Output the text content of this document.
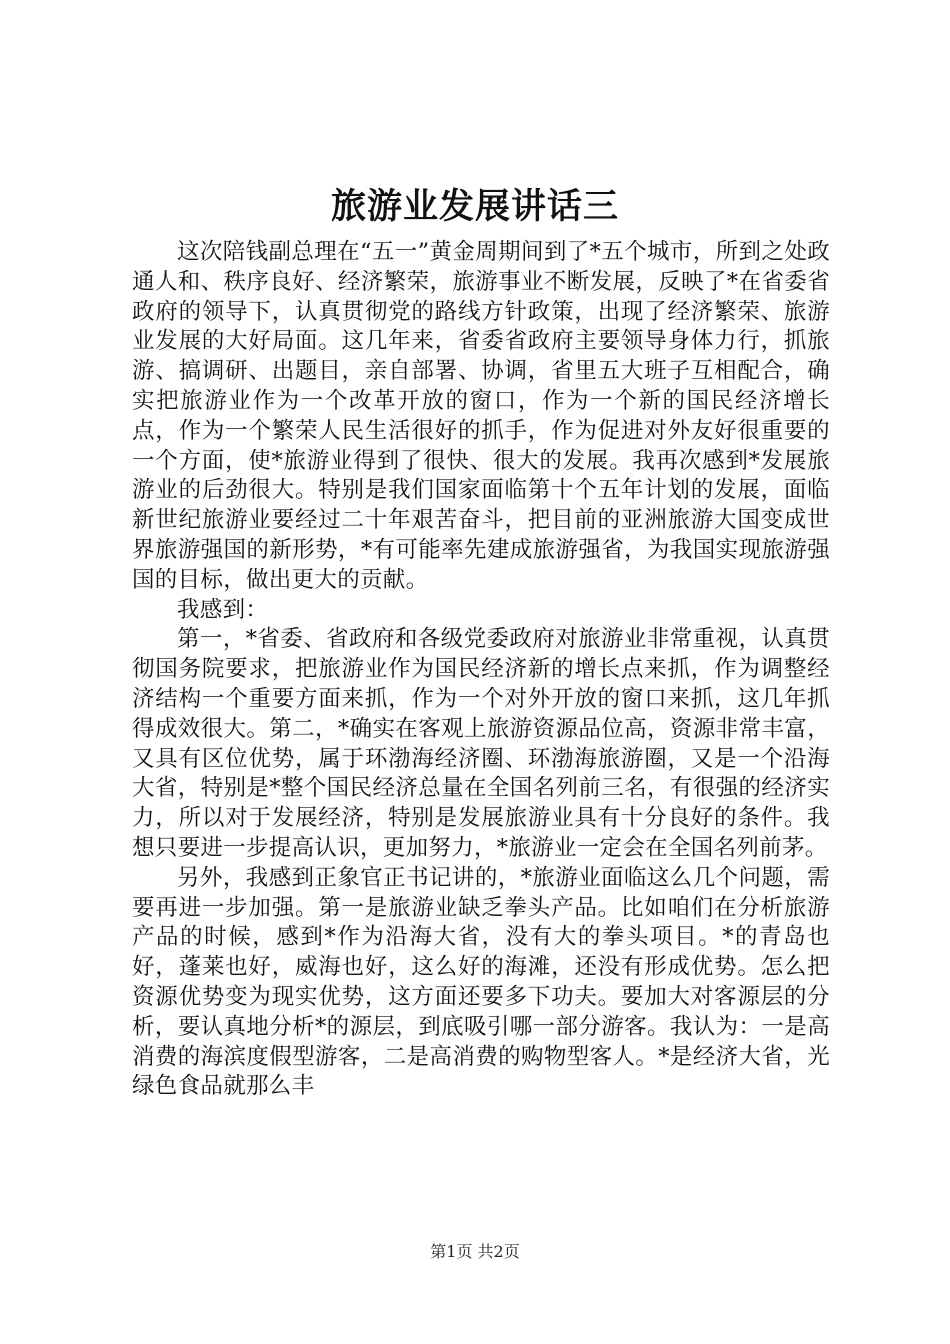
旅游业发展讲话三

这次陪钱副总理在“五一”黄金周期间到了*五个城市，所到之处政通人和、秩序良好、经济繁荣，旅游事业不断发展，反映了*在省委省政府的领导下，认真贯彻党的路线方针政策，出现了经济繁荣、旅游业发展的大好局面。这几年来，省委省政府主要领导身体力行，抓旅游、搞调研、出题目，亲自部署、协调，省里五大班子互相配合，确实把旅游业作为一个改革开放的窗口，作为一个新的国民经济增长点，作为一个繁荣人民生活很好的抓手，作为促进对外友好很重要的一个方面，使*旅游业得到了很快、很大的发展。我再次感到*发展旅游业的后劲很大。特别是我们国家面临第十个五年计划的发展，面临新世纪旅游业要经过二十年艰苦奋斗，把目前的亚洲旅游大国变成世界旅游强国的新形势，*有可能率先建成旅游强省，为我国实现旅游强国的目标，做出更大的贡献。

我感到：

第一，*省委、省政府和各级党委政府对旅游业非常重视，认真贯彻国务院要求，把旅游业作为国民经济新的增长点来抓，作为调整经济结构一个重要方面来抓，作为一个对外开放的窗口来抓，这几年抓得成效很大。第二，*确实在客观上旅游资源品位高，资源非常丰富，又具有区位优势，属于环渤海经济圈、环渤海旅游圈，又是一个沿海大省，特别是*整个国民经济总量在全国名列前三名，有很强的经济实力，所以对于发展经济，特别是发展旅游业具有十分良好的条件。我想只要进一步提高认识，更加努力，*旅游业一定会在全国名列前茅。

另外，我感到正象官正书记讲的，*旅游业面临这么几个问题，需要再进一步加强。第一是旅游业缺乏拳头产品。比如咱们在分析旅游产品的时候，感到*作为沿海大省，没有大的拳头项目。*的青岛也好，蓬莱也好，威海也好，这么好的海滩，还没有形成优势。怎么把资源优势变为现实优势，这方面还要多下功夫。要加大对客源层的分析，要认真地分析*的源层，到底吸引哪一部分游客。我认为：一是高消费的海滨度假型游客，二是高消费的购物型客人。*是经济大省，光绿色食品就那么丰

第1页 共2页
